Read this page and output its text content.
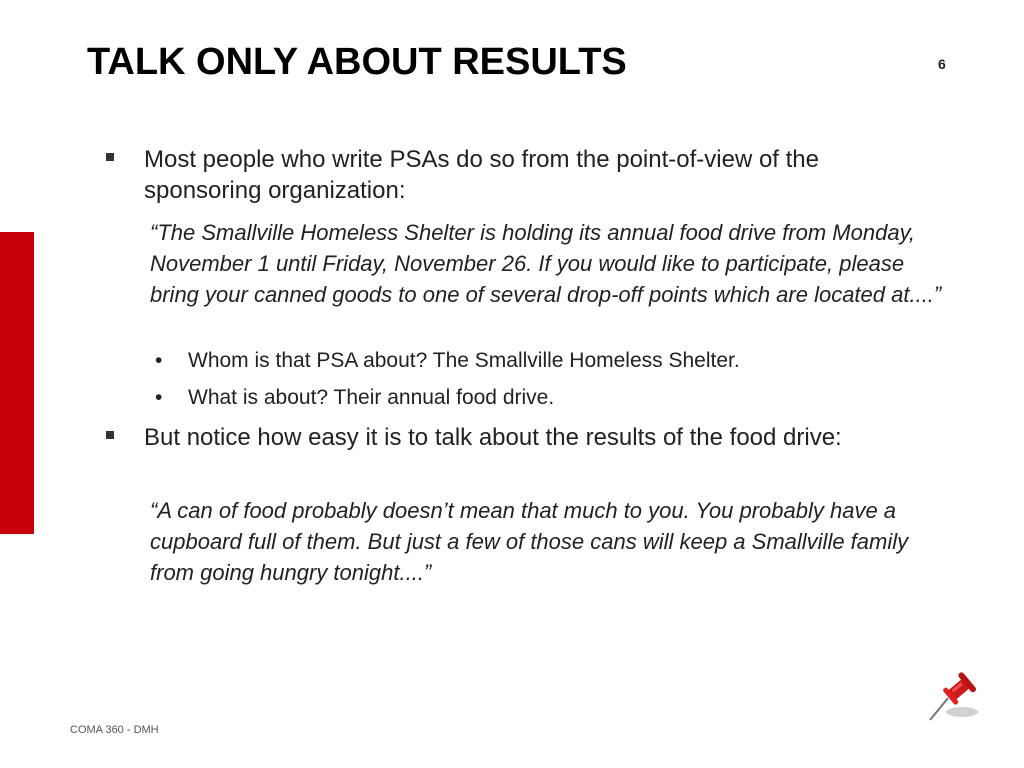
TALK ONLY ABOUT RESULTS	6
Most people who write PSAs do so from the point-of-view of the sponsoring organization:
“The Smallville Homeless Shelter is holding its annual food drive from Monday, November 1 until Friday, November 26. If you would like to participate, please bring your canned goods to one of several drop-off points which are located at....”
• Whom is that PSA about? The Smallville Homeless Shelter.
• What is about? Their annual food drive.
But notice how easy it is to talk about the results of the food drive:
“A can of food probably doesn’t mean that much to you. You probably have a cupboard full of them. But just a few of those cans will keep a Smallville family from going hungry tonight....”
COMA 360 - DMH
